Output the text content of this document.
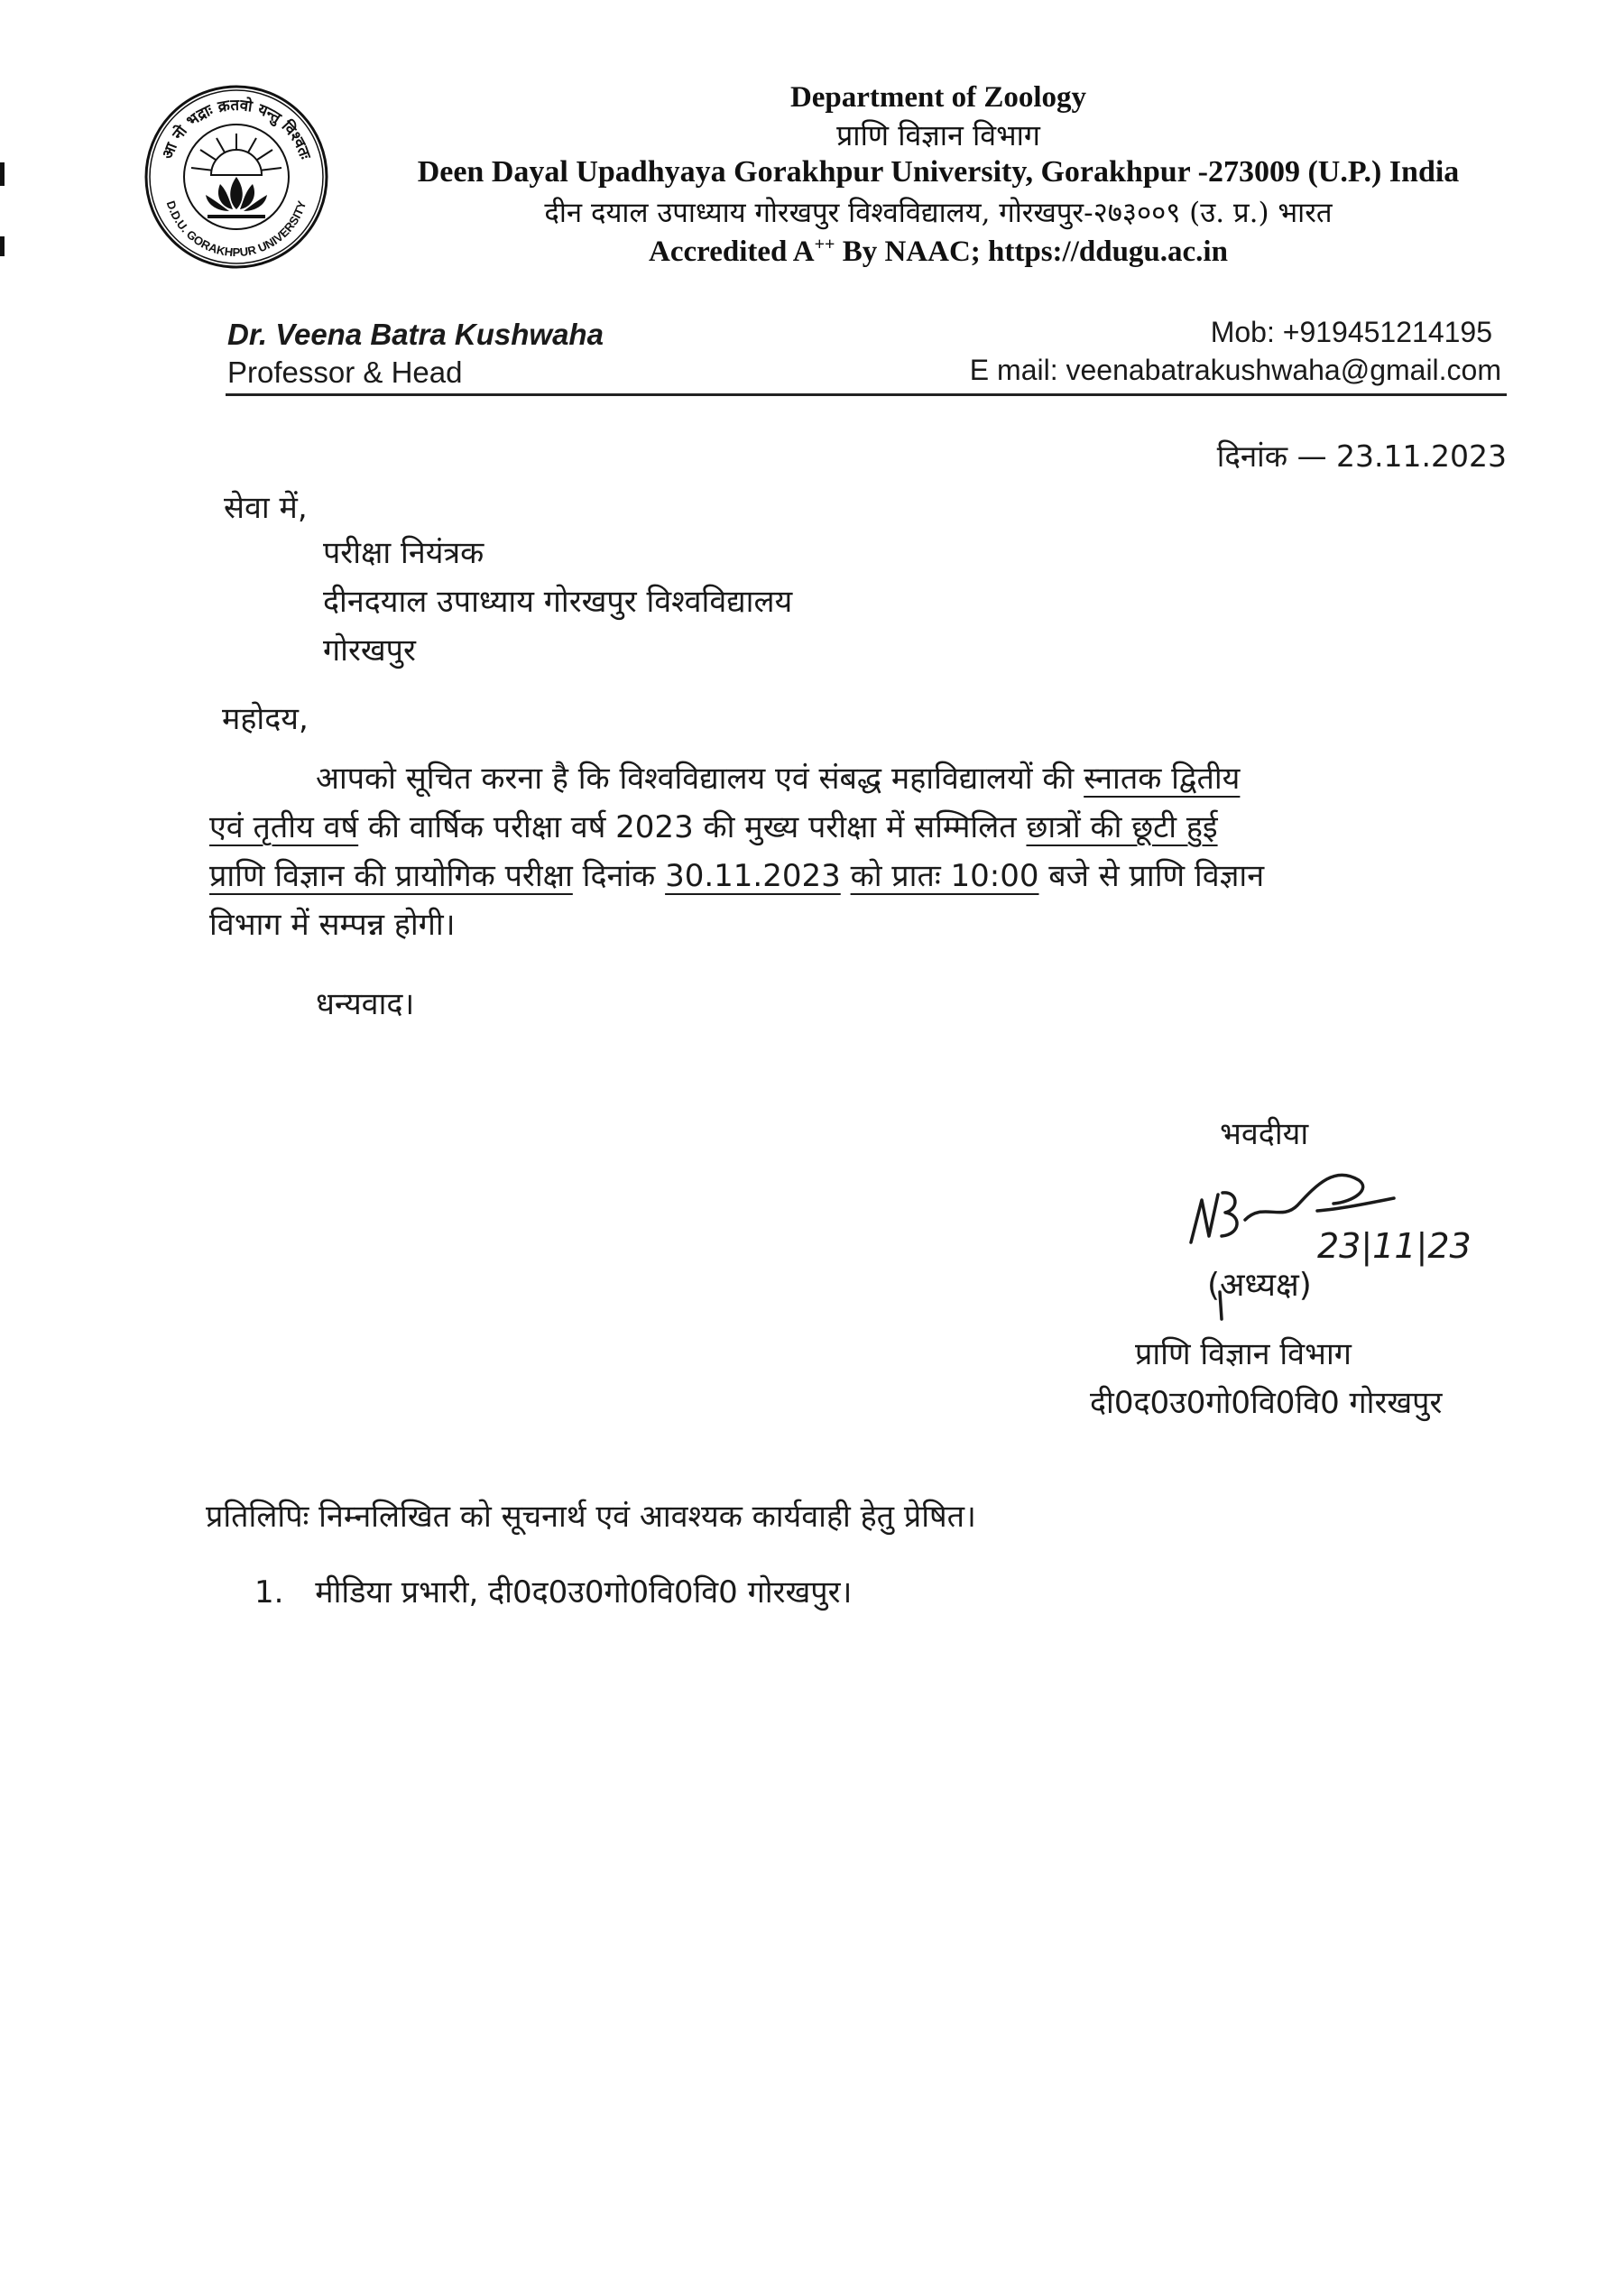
आ नो भद्राः क्रतवो यन्तु विश्वतः
D.D.U. GORAKHPUR UNIVERSITY
Department of Zoology
प्राणि विज्ञान विभाग
Deen Dayal Upadhyaya Gorakhpur University, Gorakhpur -273009 (U.P.) India
दीन दयाल उपाध्याय गोरखपुर विश्वविद्यालय, गोरखपुर-२७३००९ (उ. प्र.) भारत
Accredited A++ By NAAC; https://ddugu.ac.in
Dr. Veena Batra Kushwaha
Professor & Head
Mob: +919451214195
E mail: veenabatrakushwaha@gmail.com
दिनांक — 23.11.2023
सेवा में,
परीक्षा नियंत्रक
दीनदयाल उपाध्याय गोरखपुर विश्वविद्यालय
गोरखपुर
महोदय,
आपको सूचित करना है कि विश्वविद्यालय एवं संबद्ध महाविद्यालयों की स्नातक द्वितीय
एवं तृतीय वर्ष की वार्षिक परीक्षा वर्ष 2023 की मुख्य परीक्षा में सम्मिलित छात्रों की छूटी हुई
प्राणि विज्ञान की प्रायोगिक परीक्षा दिनांक 30.11.2023 को प्रातः 10:00 बजे से प्राणि विज्ञान
विभाग में सम्पन्न होगी।
धन्यवाद।
भवदीया
23|11|23
(अध्यक्ष)
प्राणि विज्ञान विभाग
दी0द0उ0गो0वि0वि0 गोरखपुर
प्रतिलिपिः निम्नलिखित को सूचनार्थ एवं आवश्यक कार्यवाही हेतु प्रेषित।
1. मीडिया प्रभारी, दी0द0उ0गो0वि0वि0 गोरखपुर।
